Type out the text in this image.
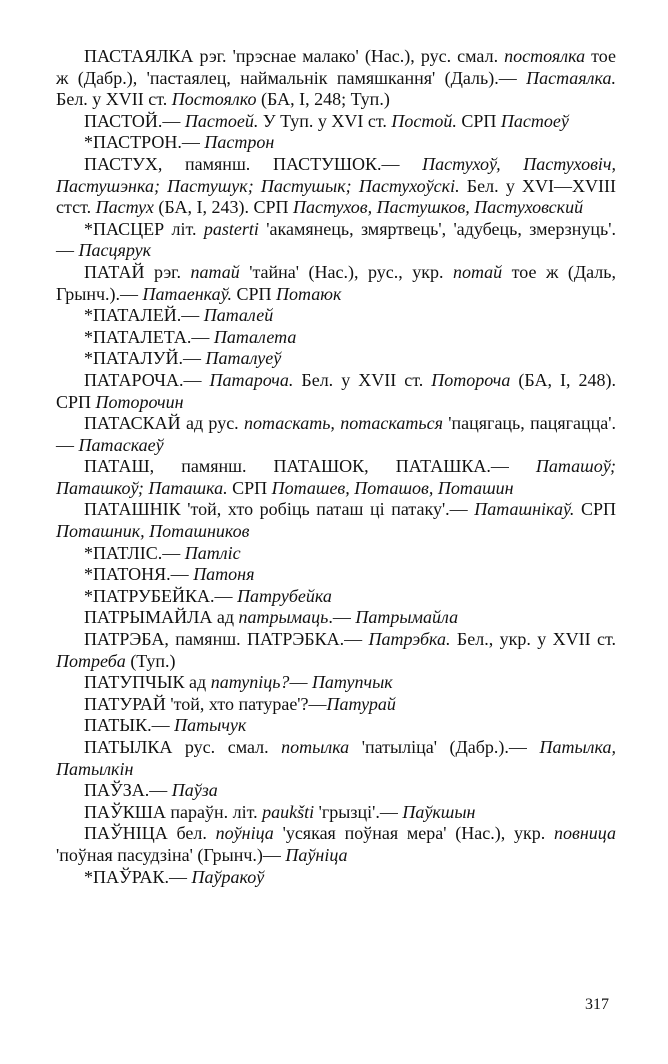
ПАСТАЯЛКА рэг. 'прэснае малако' (Нас.), рус. смал. постоялка тое ж (Дабр.), 'пастаялец, наймальнік памяшкання' (Даль).— Пастаялка. Бел. у XVII ст. Постоялко (БА, I, 248; Туп.)

ПАСТОЙ.— Пастоей. У Туп. у XVI ст. Постой. СРП Пастоеў

*ПАСТРОН.— Пастрон

ПАСТУХ, памянш. ПАСТУШОК.— Пастухоў, Пастуховіч, Пастушэнка; Пастушук; Пастушык; Пастухоўскі. Бел. у XVI—XVIII стст. Пастух (БА, I, 243). СРП Пастухов, Пастушков, Пастуховский

*ПАСЦЕР літ. pasterti 'акамянець, змяртвець', 'адубець, змерзнуць'.— Пасцярук

ПАТАЙ рэг. патай 'тайна' (Нас.), рус., укр. потай тое ж (Даль, Грынч.).— Патаенкаў. СРП Потаюк

*ПАТАЛЕЙ.— Паталей

*ПАТАЛЕТА.— Паталета

*ПАТАЛУЙ.— Паталуеў

ПАТАРОЧА.— Патароча. Бел. у XVII ст. Потороча (БА, I, 248). СРП Поторочин

ПАТАСКАЙ ад рус. потаскать, потаскаться 'пацягаць, пацягацца'.— Патаскаеў

ПАТАШ, памянш. ПАТАШОК, ПАТАШКА.— Паташоў; Паташкоў; Паташка. СРП Поташев, Поташов, Поташин

ПАТАШНІК 'той, хто робіць паташ ці патаку'.— Паташнікаў. СРП Поташник, Поташников

*ПАТЛІС.— Патліс

*ПАТОНЯ.— Патоня

*ПАТРУБЕЙКА.— Патрубейка

ПАТРЫМАЙЛА ад патрымаць.— Патрымайла

ПАТРЭБА, памянш. ПАТРЭБКА.— Патрэбка. Бел., укр. у XVII ст. Потреба (Туп.)

ПАТУПЧЫК ад патупіць?— Патупчык

ПАТУРАЙ 'той, хто патурае'?—Патурай

ПАТЫК.— Патычук

ПАТЫЛКА рус. смал. потылка 'патыліца' (Дабр.).— Патылка, Патылкін

ПАЎЗА.— Паўза

ПАЎКША параўн. літ. paukšti 'грызці'.— Паўкшын

ПАЎНІЦА бел. поўніца 'усякая поўная мера' (Нас.), укр. повница 'поўная пасудзіна' (Грынч.)— Паўніца

*ПАЎРАК.— Паўракоў

317
